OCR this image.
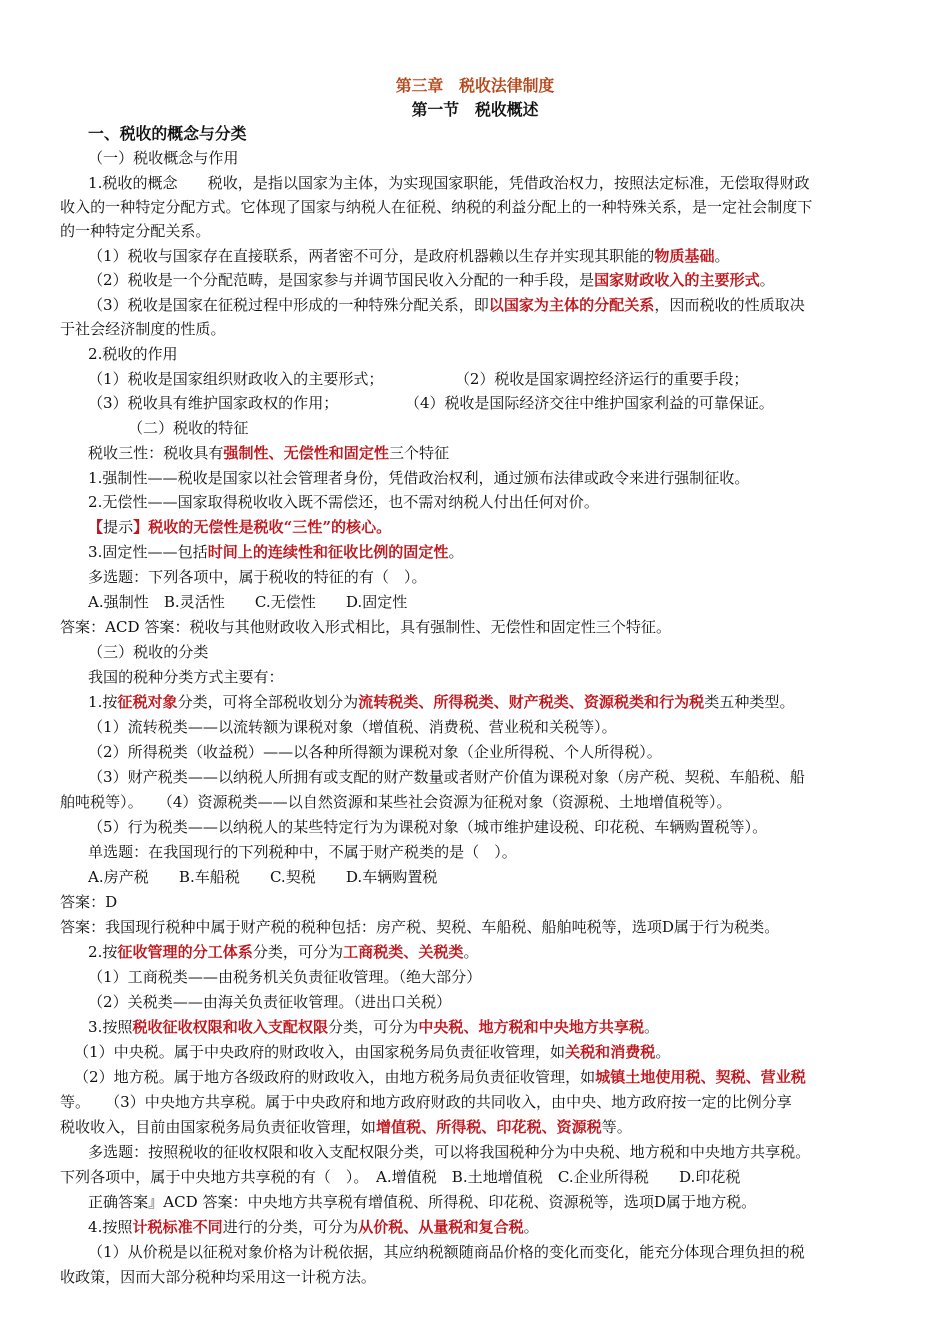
第三章　税收法律制度
第一节　税收概述
一、税收的概念与分类
（一）税收概念与作用
1.税收的概念　　税收，是指以国家为主体，为实现国家职能，凭借政治权力，按照法定标准，无偿取得财政
收入的一种特定分配方式。它体现了国家与纳税人在征税、纳税的利益分配上的一种特殊关系，是一定社会制度下
的一种特定分配关系。
（1）税收与国家存在直接联系，两者密不可分，是政府机器赖以生存并实现其职能的物质基础。
（2）税收是一个分配范畴，是国家参与并调节国民收入分配的一种手段，是国家财政收入的主要形式。
（3）税收是国家在征税过程中形成的一种特殊分配关系，即以国家为主体的分配关系，因而税收的性质取决
于社会经济制度的性质。
2.税收的作用
（1）税收是国家组织财政收入的主要形式；	（2）税收是国家调控经济运行的重要手段；
（3）税收具有维护国家政权的作用；	（4）税收是国际经济交往中维护国家利益的可靠保证。
（二）税收的特征
税收三性：税收具有强制性、无偿性和固定性三个特征
1.强制性——税收是国家以社会管理者身份，凭借政治权利，通过颁布法律或政令来进行强制征收。
2.无偿性——国家取得税收收入既不需偿还，也不需对纳税人付出任何对价。
【提示】税收的无偿性是税收“三性”的核心。
3.固定性——包括时间上的连续性和征收比例的固定性。
多选题：下列各项中，属于税收的特征的有（　）。
A.强制性　B.灵活性　　C.无偿性　　D.固定性
答案：ACD 答案：税收与其他财政收入形式相比，具有强制性、无偿性和固定性三个特征。
（三）税收的分类
我国的税种分类方式主要有：
1.按征税对象分类，可将全部税收划分为流转税类、所得税类、财产税类、资源税类和行为税类五种类型。
（1）流转税类——以流转额为课税对象（增值税、消费税、营业税和关税等）。
（2）所得税类（收益税）——以各种所得额为课税对象（企业所得税、个人所得税）。
（3）财产税类——以纳税人所拥有或支配的财产数量或者财产价值为课税对象（房产税、契税、车船税、船
舶吨税等）。　　（4）资源税类——以自然资源和某些社会资源为征税对象（资源税、土地增值税等）。
（5）行为税类——以纳税人的某些特定行为为课税对象（城市维护建设税、印花税、车辆购置税等）。
单选题：在我国现行的下列税种中，不属于财产税类的是（　）。
A.房产税　　B.车船税　　C.契税　　D.车辆购置税
答案：D
答案：我国现行税种中属于财产税的税种包括：房产税、契税、车船税、船舶吨税等，选项D属于行为税类。
2.按征收管理的分工体系分类，可分为工商税类、关税类。
（1）工商税类——由税务机关负责征收管理。（绝大部分）
（2）关税类——由海关负责征收管理。（进出口关税）
3.按照税收征收权限和收入支配权限分类，可分为中央税、地方税和中央地方共享税。
（1）中央税。属于中央政府的财政收入，由国家税务局负责征收管理，如关税和消费税。
（2）地方税。属于地方各级政府的财政收入，由地方税务局负责征收管理，如城镇土地使用税、契税、营业税
等。　　（3）中央地方共享税。属于中央政府和地方政府财政的共同收入，由中央、地方政府按一定的比例分享
税收收入，目前由国家税务局负责征收管理，如增值税、所得税、印花税、资源税等。
多选题：按照税收的征收权限和收入支配权限分类，可以将我国税种分为中央税、地方税和中央地方共享税。
下列各项中，属于中央地方共享税的有（　）。　A.增值税　B.土地增值税　C.企业所得税　　D.印花税
正确答案』ACD 答案：中央地方共享税有增值税、所得税、印花税、资源税等，选项D属于地方税。
4.按照计税标准不同进行的分类，可分为从价税、从量税和复合税。
（1）从价税是以征税对象价格为计税依据，其应纳税额随商品价格的变化而变化，能充分体现合理负担的税
收政策，因而大部分税种均采用这一计税方法。
